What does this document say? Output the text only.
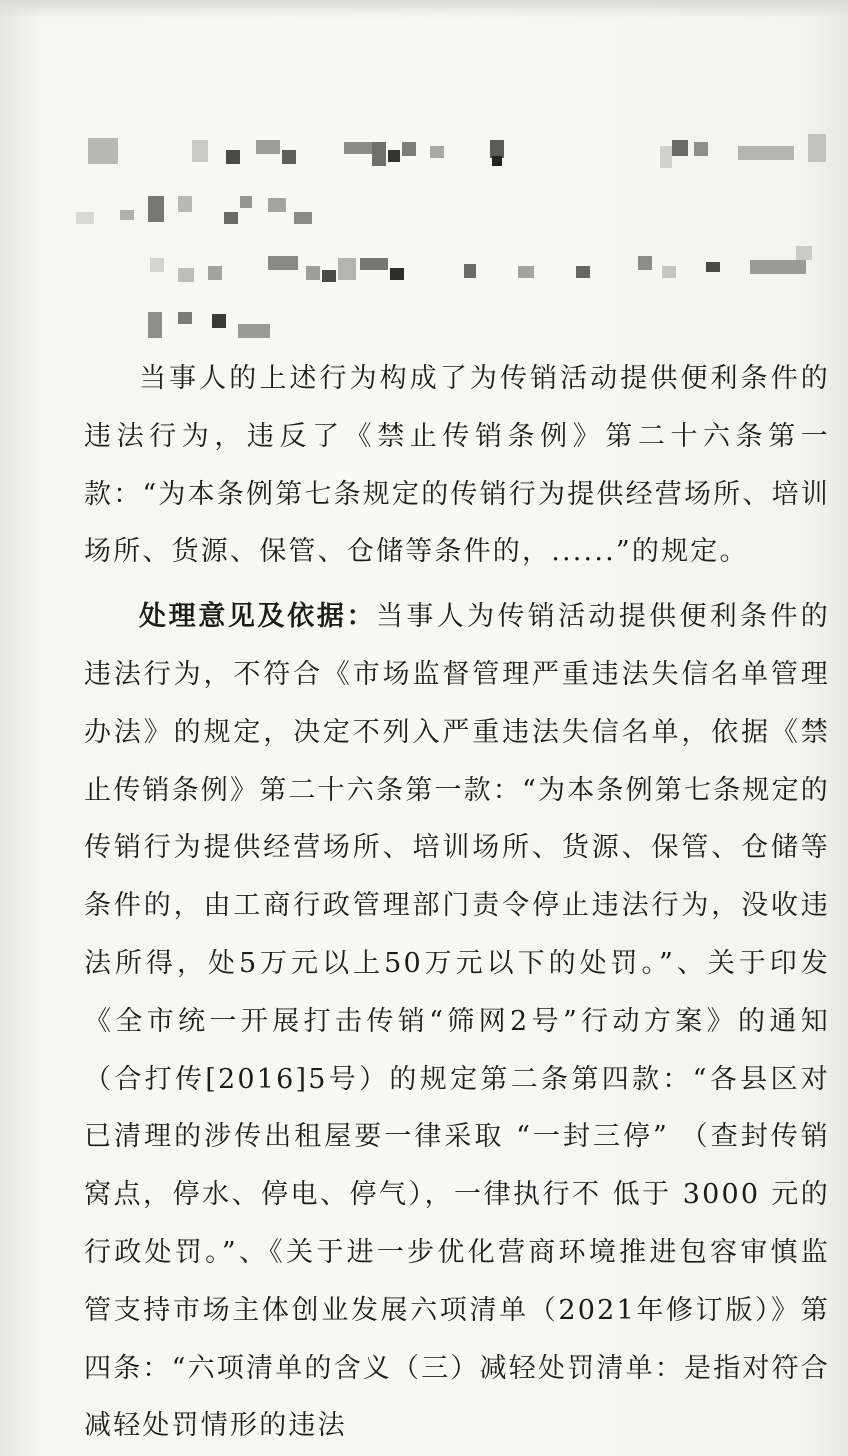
当事人的上述行为构成了为传销活动提供便利条件的违法行为，违反了《禁止传销条例》第二十六条第一款：“为本条例第七条规定的传销行为提供经营场所、培训场所、货源、保管、仓储等条件的，......”的规定。

处理意见及依据：当事人为传销活动提供便利条件的违法行为，不符合《市场监督管理严重违法失信名单管理办法》的规定，决定不列入严重违法失信名单，依据《禁止传销条例》第二十六条第一款：“为本条例第七条规定的传销行为提供经营场所、培训场所、货源、保管、仓储等条件的，由工商行政管理部门责令停止违法行为，没收违法所得，处5万元以上50万元以下的处罚。”、关于印发《全市统一开展打击传销“筛网2号”行动方案》的通知（合打传[2016]5号）的规定第二条第四款：“各县区对已清理的涉传出租屋要一律采取 “一封三停” （查封传销窝点，停水、停电、停气），一律执行不 低于 3000 元的行政处罚。”、《关于进一步优化营商环境推进包容审慎监管支持市场主体创业发展六项清单（2021年修订版）》第四条：“六项清单的含义（三）减轻处罚清单：是指对符合减轻处罚情形的违法
